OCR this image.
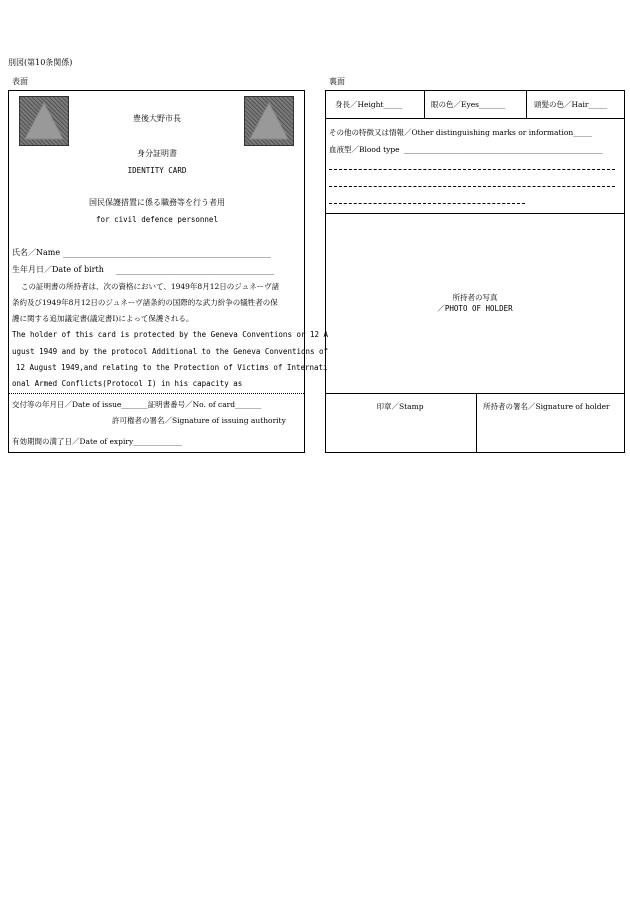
別図(第10条関係)
表面	裏面
豊後大野市長
身分証明書
IDENTITY CARD
国民保護措置に係る職務等を行う者用
for civil defence personnel
氏名／Name ______________________________________________
生年月日／Date of birth ___________________________________
この証明書の所持者は、次の資格において、1949年8月12日のジュネーヴ諸
条約及び1949年8月12日のジュネーヴ諸条約の国際的な武力紛争の犠牲者の保
護に関する追加議定書(議定書Ⅰ)によって保護される。
The holder of this card is protected by the Geneva Conventions or 12 A
ugust 1949 and by the protocol Additional to the Geneva Conventions of
12 August 1949,and relating to the Protection of Victims of Internati
onal Armed Conflicts(Protocol I) in his capacity as
交付等の年月日／Date of issue_______証明書番号／No. of card_______
許可権者の署名／Signature of issuing authority
有効期間の満了日／Date of expiry_____________
身長／Height_____	眼の色／Eyes_______	頭髪の色／Hair_____
その他の特徴又は情報／Other distinguishing marks or information_____
血液型／Blood type ____________________________________________
所持者の写真
／PHOTO OF HOLDER
印章／Stamp	所持者の署名／Signature of holder
